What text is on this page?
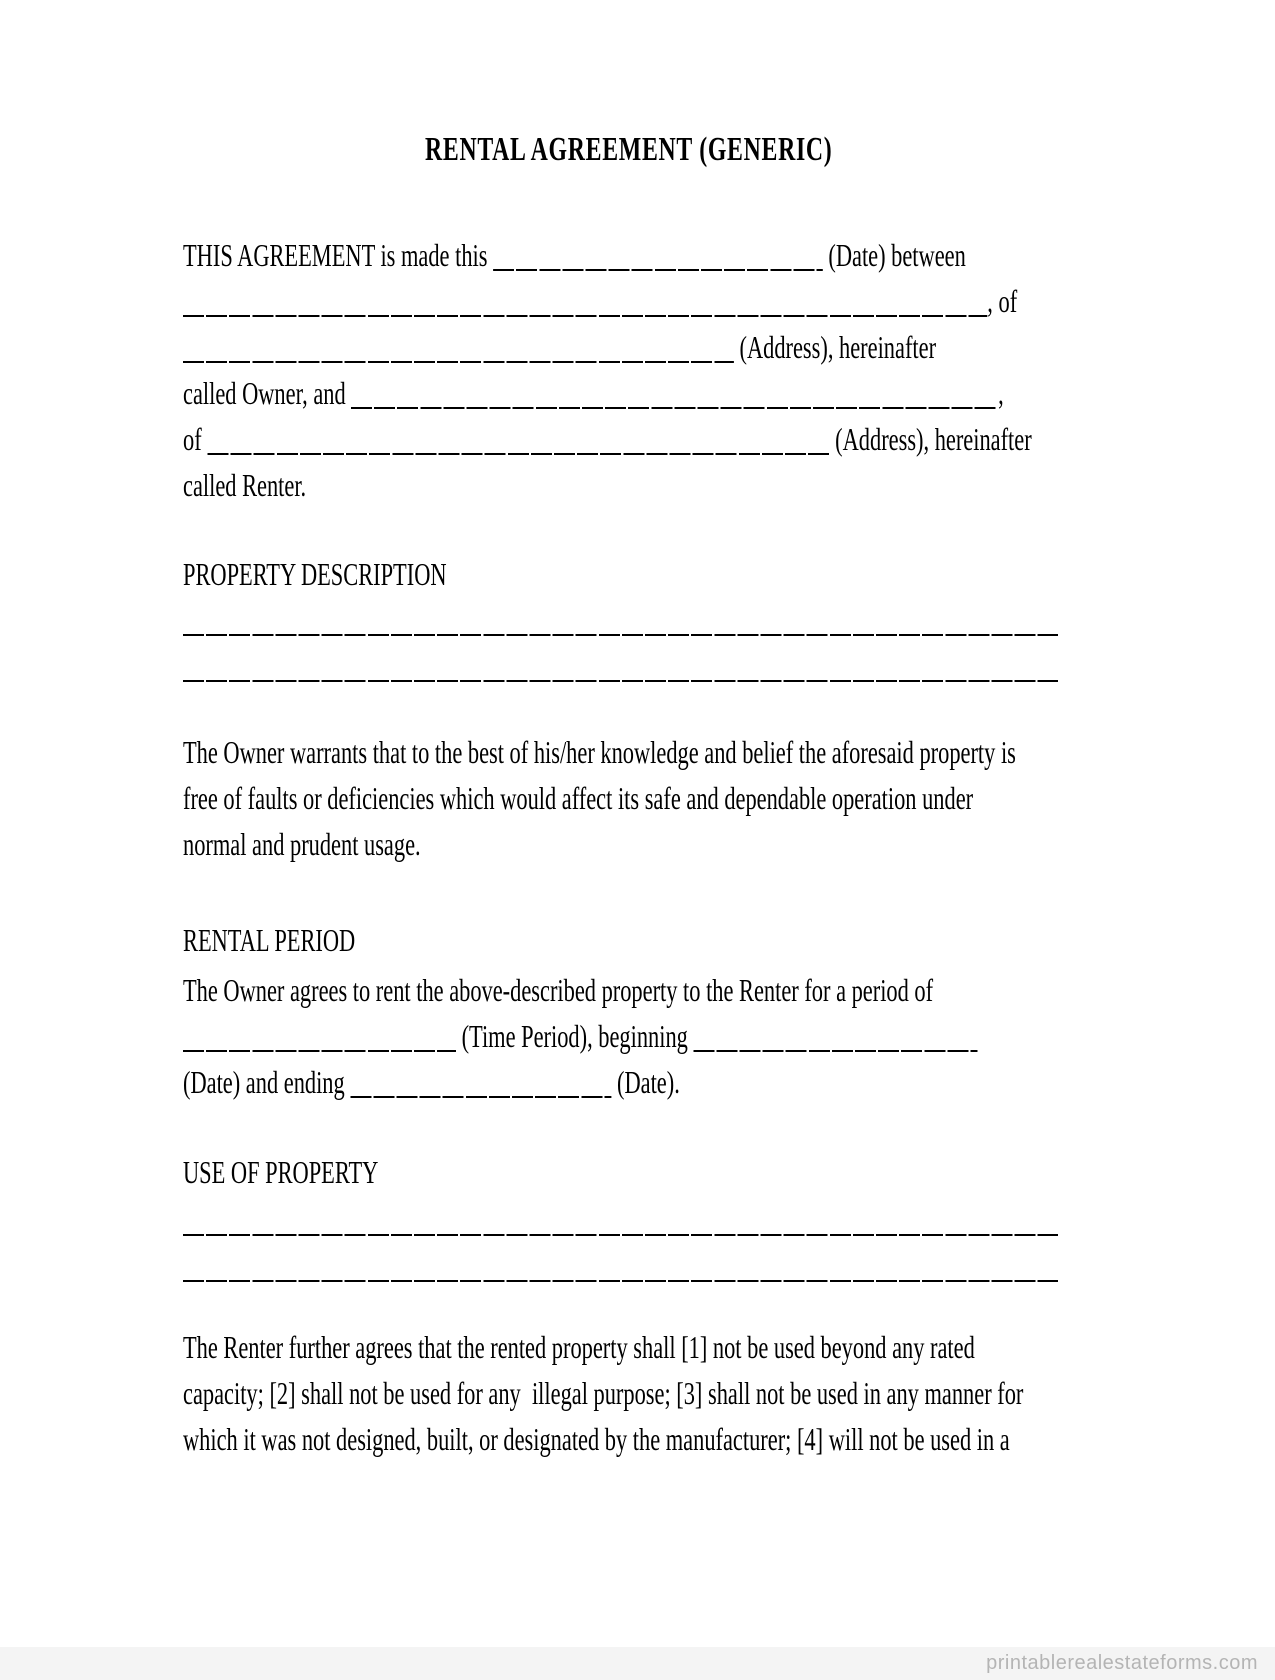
RENTAL AGREEMENT (GENERIC)
THIS AGREEMENT is made this	(Date) between
, of
(Address), hereinafter
called Owner, and	,
of	(Address), hereinafter
called Renter.
PROPERTY DESCRIPTION
The Owner warrants that to the best of his/her knowledge and belief the aforesaid property is
free of faults or deficiencies which would affect its safe and dependable operation under
normal and prudent usage.
RENTAL PERIOD
The Owner agrees to rent the above-described property to the Renter for a period of
(Time Period), beginning
(Date) and ending	(Date).
USE OF PROPERTY
The Renter further agrees that the rented property shall [1] not be used beyond any rated
capacity; [2] shall not be used for any  illegal purpose; [3] shall not be used in any manner for
which it was not designed, built, or designated by the manufacturer; [4] will not be used in a
printablerealestateforms.com
